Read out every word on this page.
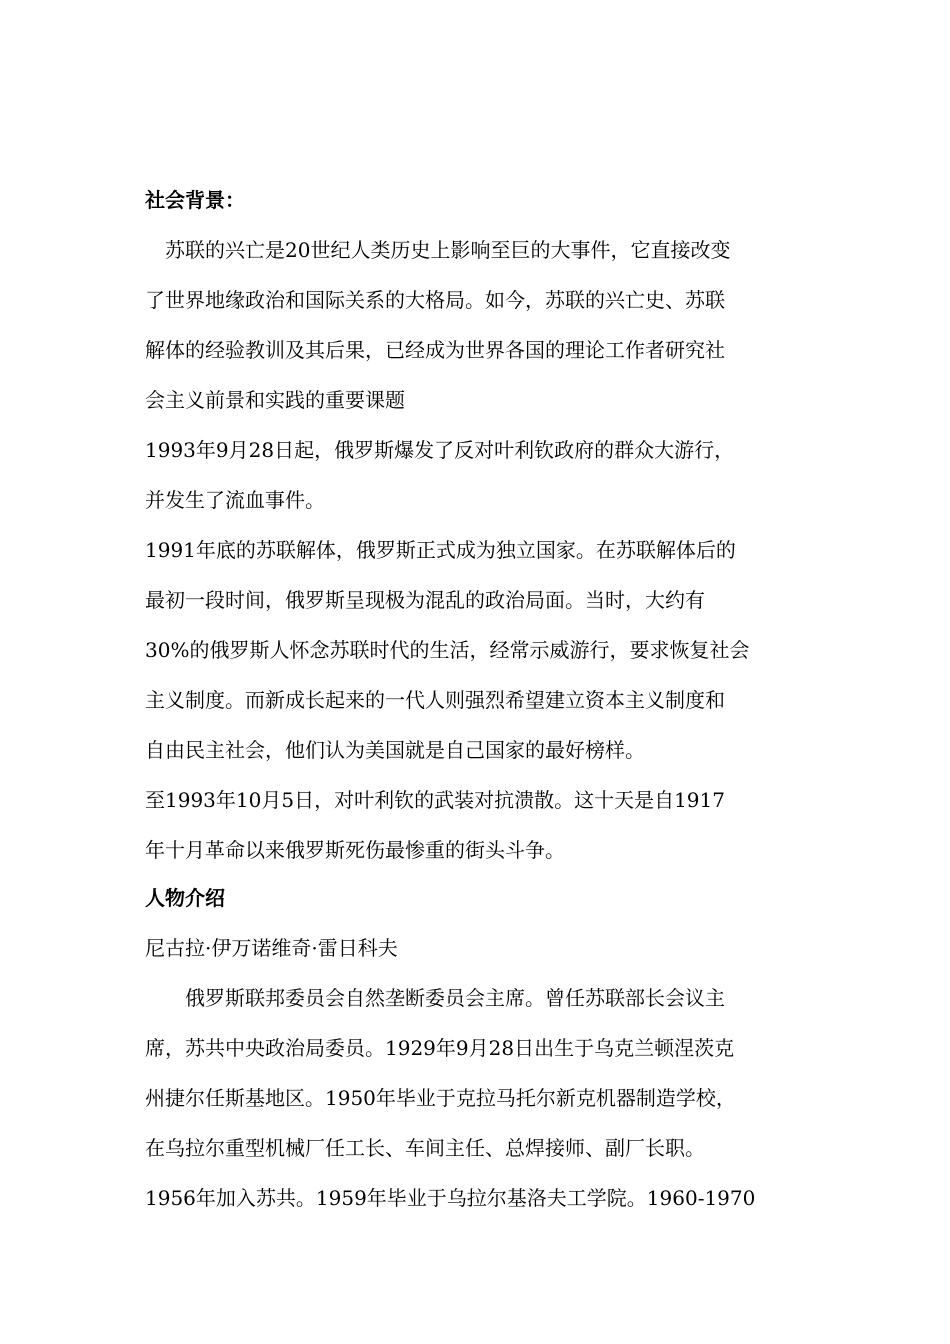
社会背景：
苏联的兴亡是20世纪人类历史上影响至巨的大事件，它直接改变
了世界地缘政治和国际关系的大格局。如今，苏联的兴亡史、苏联
解体的经验教训及其后果，已经成为世界各国的理论工作者研究社
会主义前景和实践的重要课题
1993年9月28日起，俄罗斯爆发了反对叶利钦政府的群众大游行，
并发生了流血事件。
1991年底的苏联解体，俄罗斯正式成为独立国家。在苏联解体后的
最初一段时间，俄罗斯呈现极为混乱的政治局面。当时，大约有
30%的俄罗斯人怀念苏联时代的生活，经常示威游行，要求恢复社会
主义制度。而新成长起来的一代人则强烈希望建立资本主义制度和
自由民主社会，他们认为美国就是自己国家的最好榜样。
至1993年10月5日，对叶利钦的武装对抗溃散。这十天是自1917
年十月革命以来俄罗斯死伤最惨重的街头斗争。
人物介绍
尼古拉·伊万诺维奇·雷日科夫
俄罗斯联邦委员会自然垄断委员会主席。曾任苏联部长会议主
席，苏共中央政治局委员。1929年9月28日出生于乌克兰顿涅茨克
州捷尔任斯基地区。1950年毕业于克拉马托尔新克机器制造学校，
在乌拉尔重型机械厂任工长、车间主任、总焊接师、副厂长职。
1956年加入苏共。1959年毕业于乌拉尔基洛夫工学院。1960-1970
